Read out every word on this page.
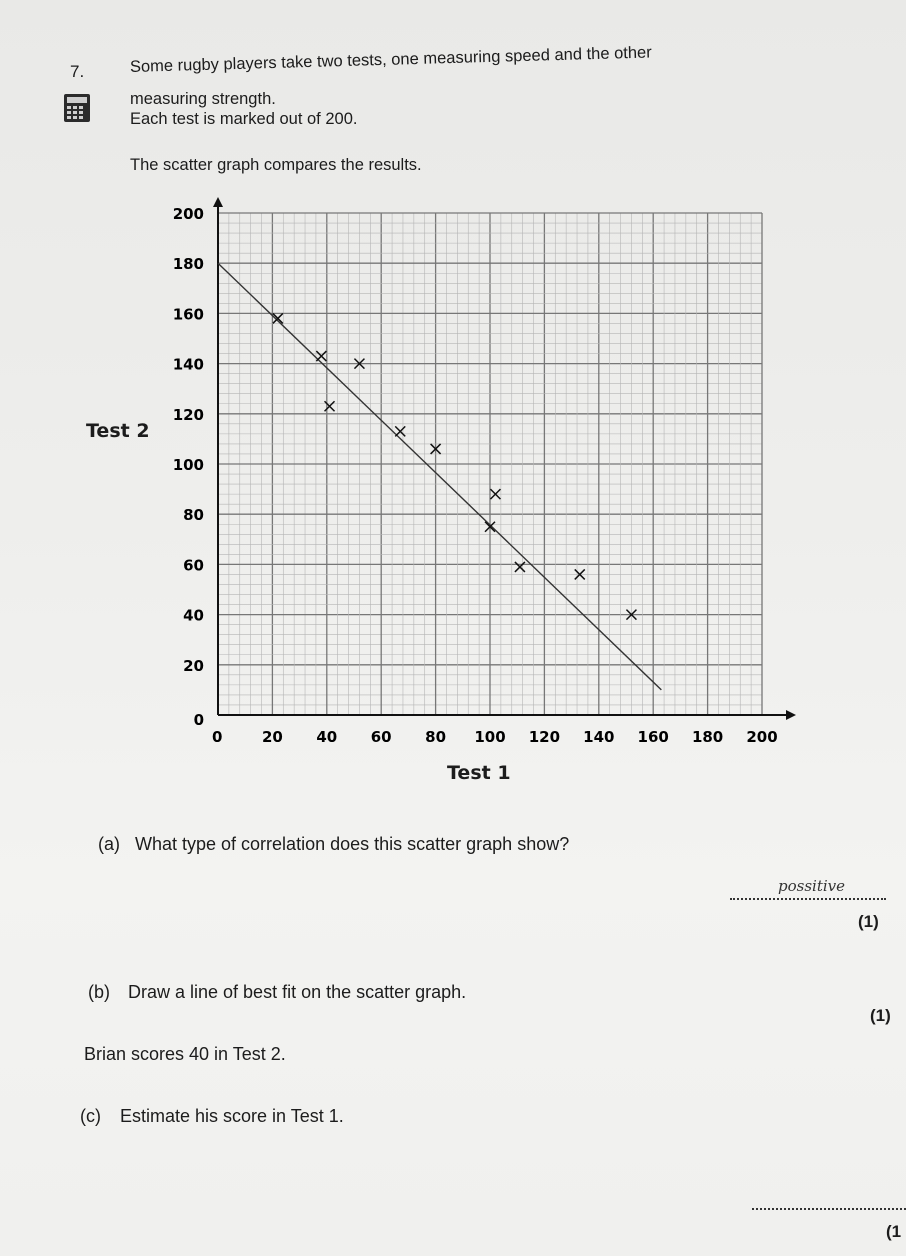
7.	Some rugby players take two tests, one measuring speed and the other
measuring strength.
Each test is marked out of 200.
The scatter graph compares the results.
0	20 40 60 80 100 120 140 160 180 200
0
20
40
60
80
100
120
140
160
180
200
Test 2
Test 1
(a) What type of correlation does this scatter graph show?
possitive
(1)
(b) Draw a line of best fit on the scatter graph.
(1)
Brian scores 40 in Test 2.
(c) Estimate his score in Test 1.
(1
